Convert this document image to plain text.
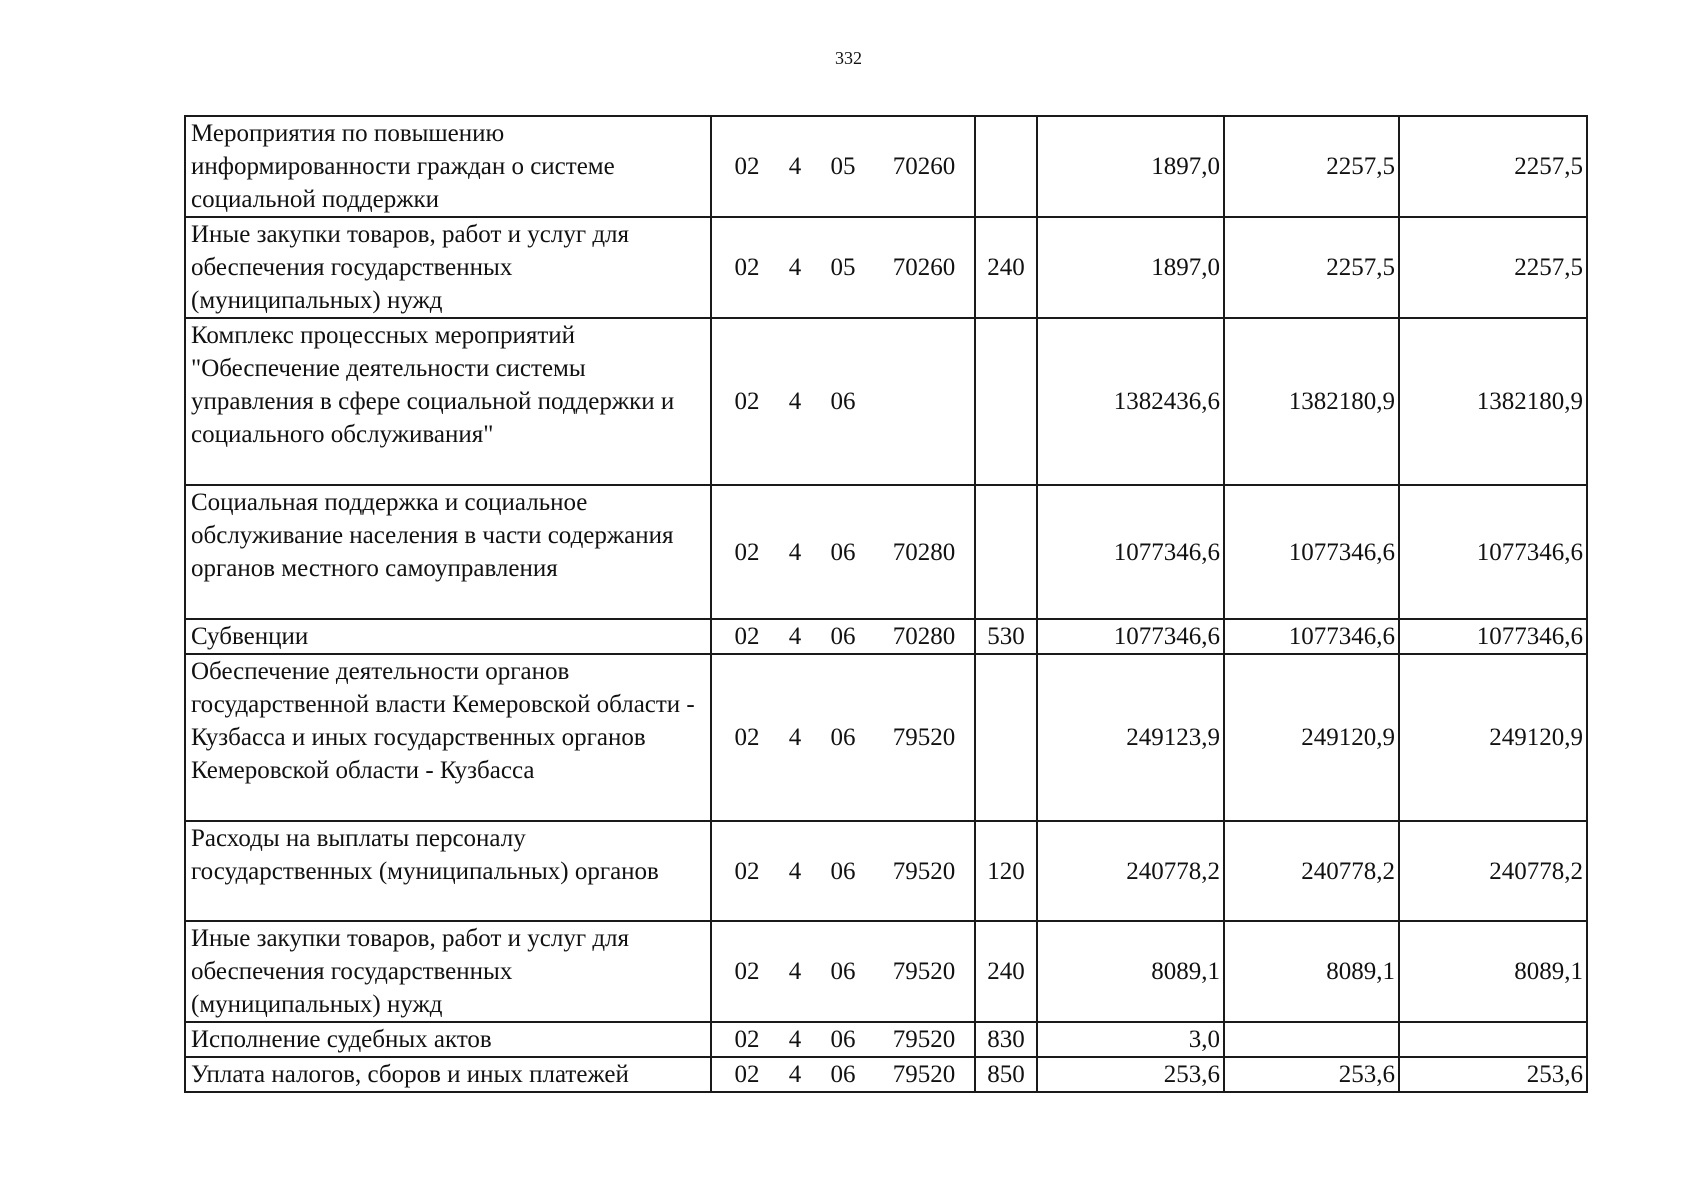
332
Мероприятия по повышению информированности граждан о системе социальной поддержки	02 4 05 70260		1897,0	2257,5	2257,5
Иные закупки товаров, работ и услуг для обеспечения государственных (муниципальных) нужд	02 4 05 70260	240	1897,0	2257,5	2257,5
Комплекс процессных мероприятий "Обеспечение деятельности системы управления в сфере социальной поддержки и социального обслуживания"	02 4 06		1382436,6	1382180,9	1382180,9
Социальная поддержка и социальное обслуживание населения в части содержания органов местного самоуправления	02 4 06 70280		1077346,6	1077346,6	1077346,6
Субвенции	02 4 06 70280	530	1077346,6	1077346,6	1077346,6
Обеспечение деятельности органов государственной власти Кемеровской области - Кузбасса и иных государственных органов Кемеровской области - Кузбасса	02 4 06 79520		249123,9	249120,9	249120,9
Расходы на выплаты персоналу государственных (муниципальных) органов	02 4 06 79520	120	240778,2	240778,2	240778,2
Иные закупки товаров, работ и услуг для обеспечения государственных (муниципальных) нужд	02 4 06 79520	240	8089,1	8089,1	8089,1
Исполнение судебных актов	02 4 06 79520	830	3,0		
Уплата налогов, сборов и иных платежей	02 4 06 79520	850	253,6	253,6	253,6
